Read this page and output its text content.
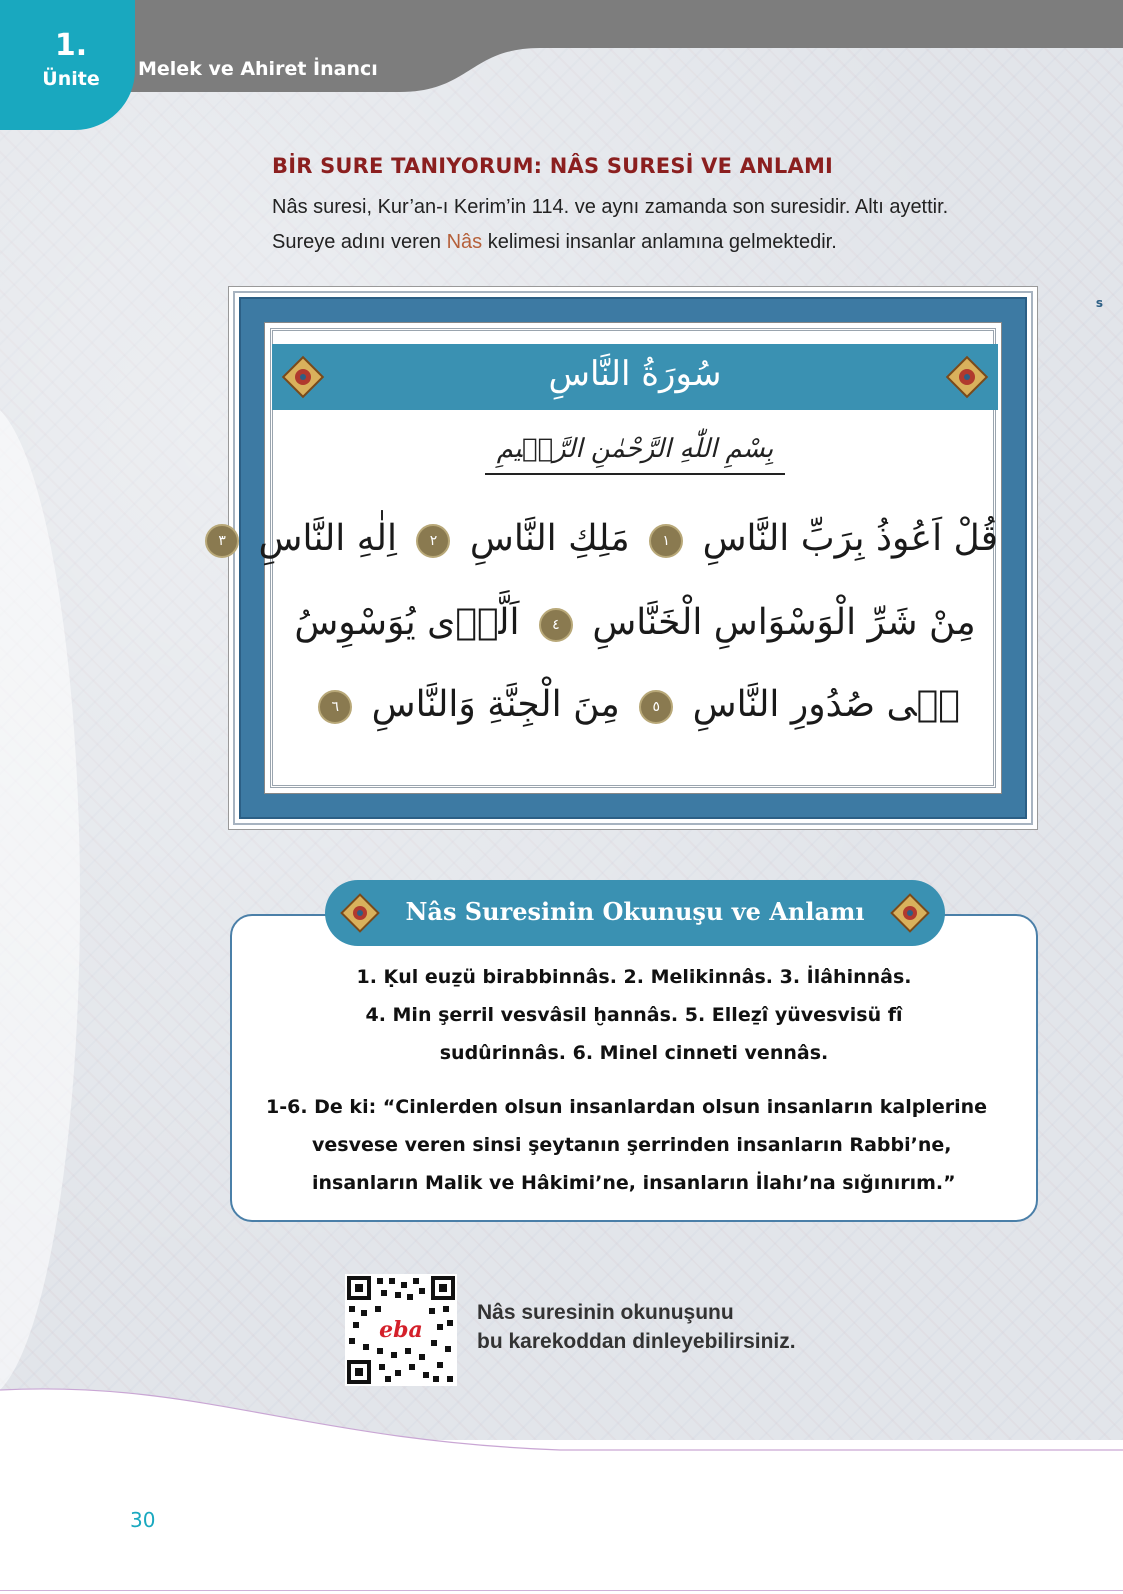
1.
Ünite	Melek ve Ahiret İnancı
BİR SURE TANIYORUM: NÂS SURESİ VE ANLAMI
Nâs suresi, Kur’an-ı Kerim’in 114. ve aynı zamanda son suresidir. Altı ayettir.
Sureye adını veren Nâs kelimesi insanlar anlamına gelmektedir.
s
سُورَةُ النَّاسِ
بِسْمِ اللّٰهِ الرَّحْمٰنِ الرَّحٖيمِ
قُلْ اَعُوذُ بِرَبِّ النَّاسِ ١ مَلِكِ النَّاسِ ٢ اِلٰهِ النَّاسِ ٣
مِنْ شَرِّ الْوَسْوَاسِ الْخَنَّاسِ ٤ اَلَّذٖى يُوَسْوِسُ
فٖى صُدُورِ النَّاسِ ٥ مِنَ الْجِنَّةِ وَالنَّاسِ ٦
Nâs Suresinin Okunuşu ve Anlamı
1. Ḳul euẕü birabbinnâs. 2. Melikinnâs. 3. İlâhinnâs.
4. Min şerril vesvâsil ḫannâs. 5. Elleẕî yüvesvisü fî
sudûrinnâs. 6. Minel cinneti vennâs.
1-6. De ki: “Cinlerden olsun insanlardan olsun insanların kalplerine
vesvese veren sinsi şeytanın şerrinden insanların Rabbi’ne,
insanların Malik ve Hâkimi’ne, insanların İlahı’na sığınırım.”
eba
Nâs suresinin okunuşunu
bu karekoddan dinleyebilirsiniz.
30
